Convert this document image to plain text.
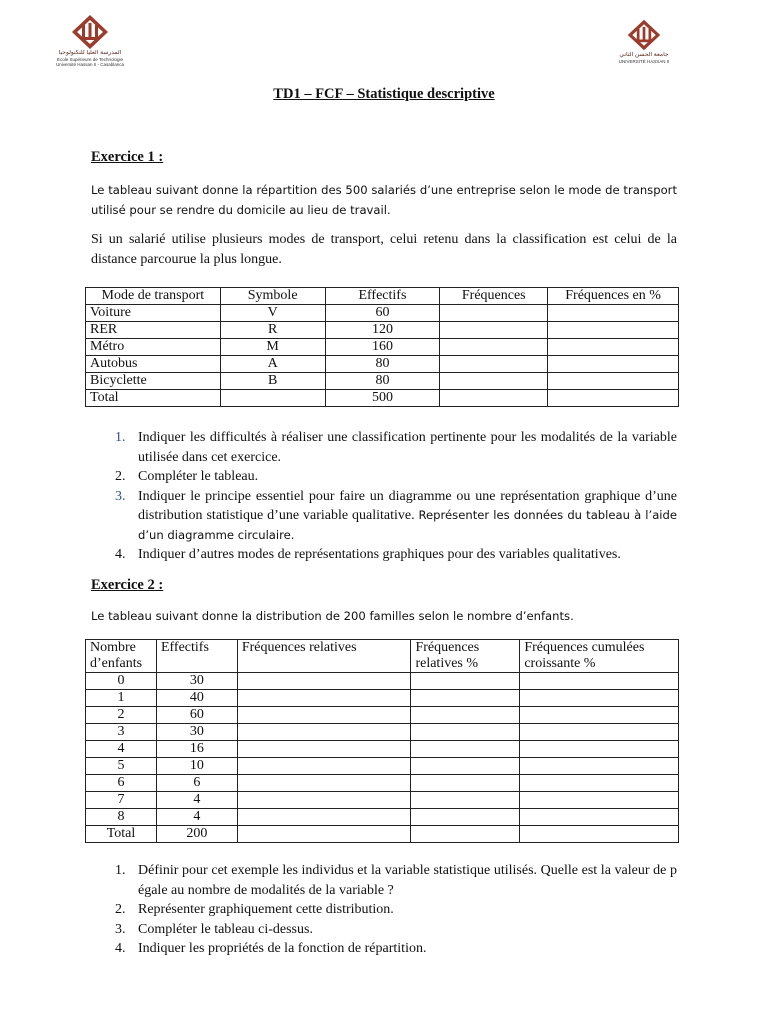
المدرسة العليا للتكنولوجيا
Ecole Supérieure de Technologie
Université Hassan II - Casablanca
جامعة الحسن الثاني
UNIVERSITÉ HASSAN II
TD1 – FCF – Statistique descriptive
Exercice 1 :
Le tableau suivant donne la répartition des 500 salariés d’une entreprise selon le mode de transport utilisé pour se rendre du domicile au lieu de travail.
Si un salarié utilise plusieurs modes de transport, celui retenu dans la classification est celui de la distance parcourue la plus longue.
Mode de transport	Symbole	Effectifs	Fréquences	Fréquences en %
Voiture	V	60		
RER	R	120		
Métro	M	160		
Autobus	A	80		
Bicyclette	B	80		
Total		500		
1. Indiquer les difficultés à réaliser une classification pertinente pour les modalités de la variable utilisée dans cet exercice.
2. Compléter le tableau.
3. Indiquer le principe essentiel pour faire un diagramme ou une représentation graphique d’une distribution statistique d’une variable qualitative. Représenter les données du tableau à l’aide d’un diagramme circulaire.
4. Indiquer d’autres modes de représentations graphiques pour des variables qualitatives.
Exercice 2 :
Le tableau suivant donne la distribution de 200 familles selon le nombre d’enfants.
Nombre d’enfants	Effectifs	Fréquences relatives	Fréquences relatives %	Fréquences cumulées croissante %
0	30			
1	40			
2	60			
3	30			
4	16			
5	10			
6	6			
7	4			
8	4			
Total	200			
1. Définir pour cet exemple les individus et la variable statistique utilisés. Quelle est la valeur de p égale au nombre de modalités de la variable ?
2. Représenter graphiquement cette distribution.
3. Compléter le tableau ci-dessus.
4. Indiquer les propriétés de la fonction de répartition.
